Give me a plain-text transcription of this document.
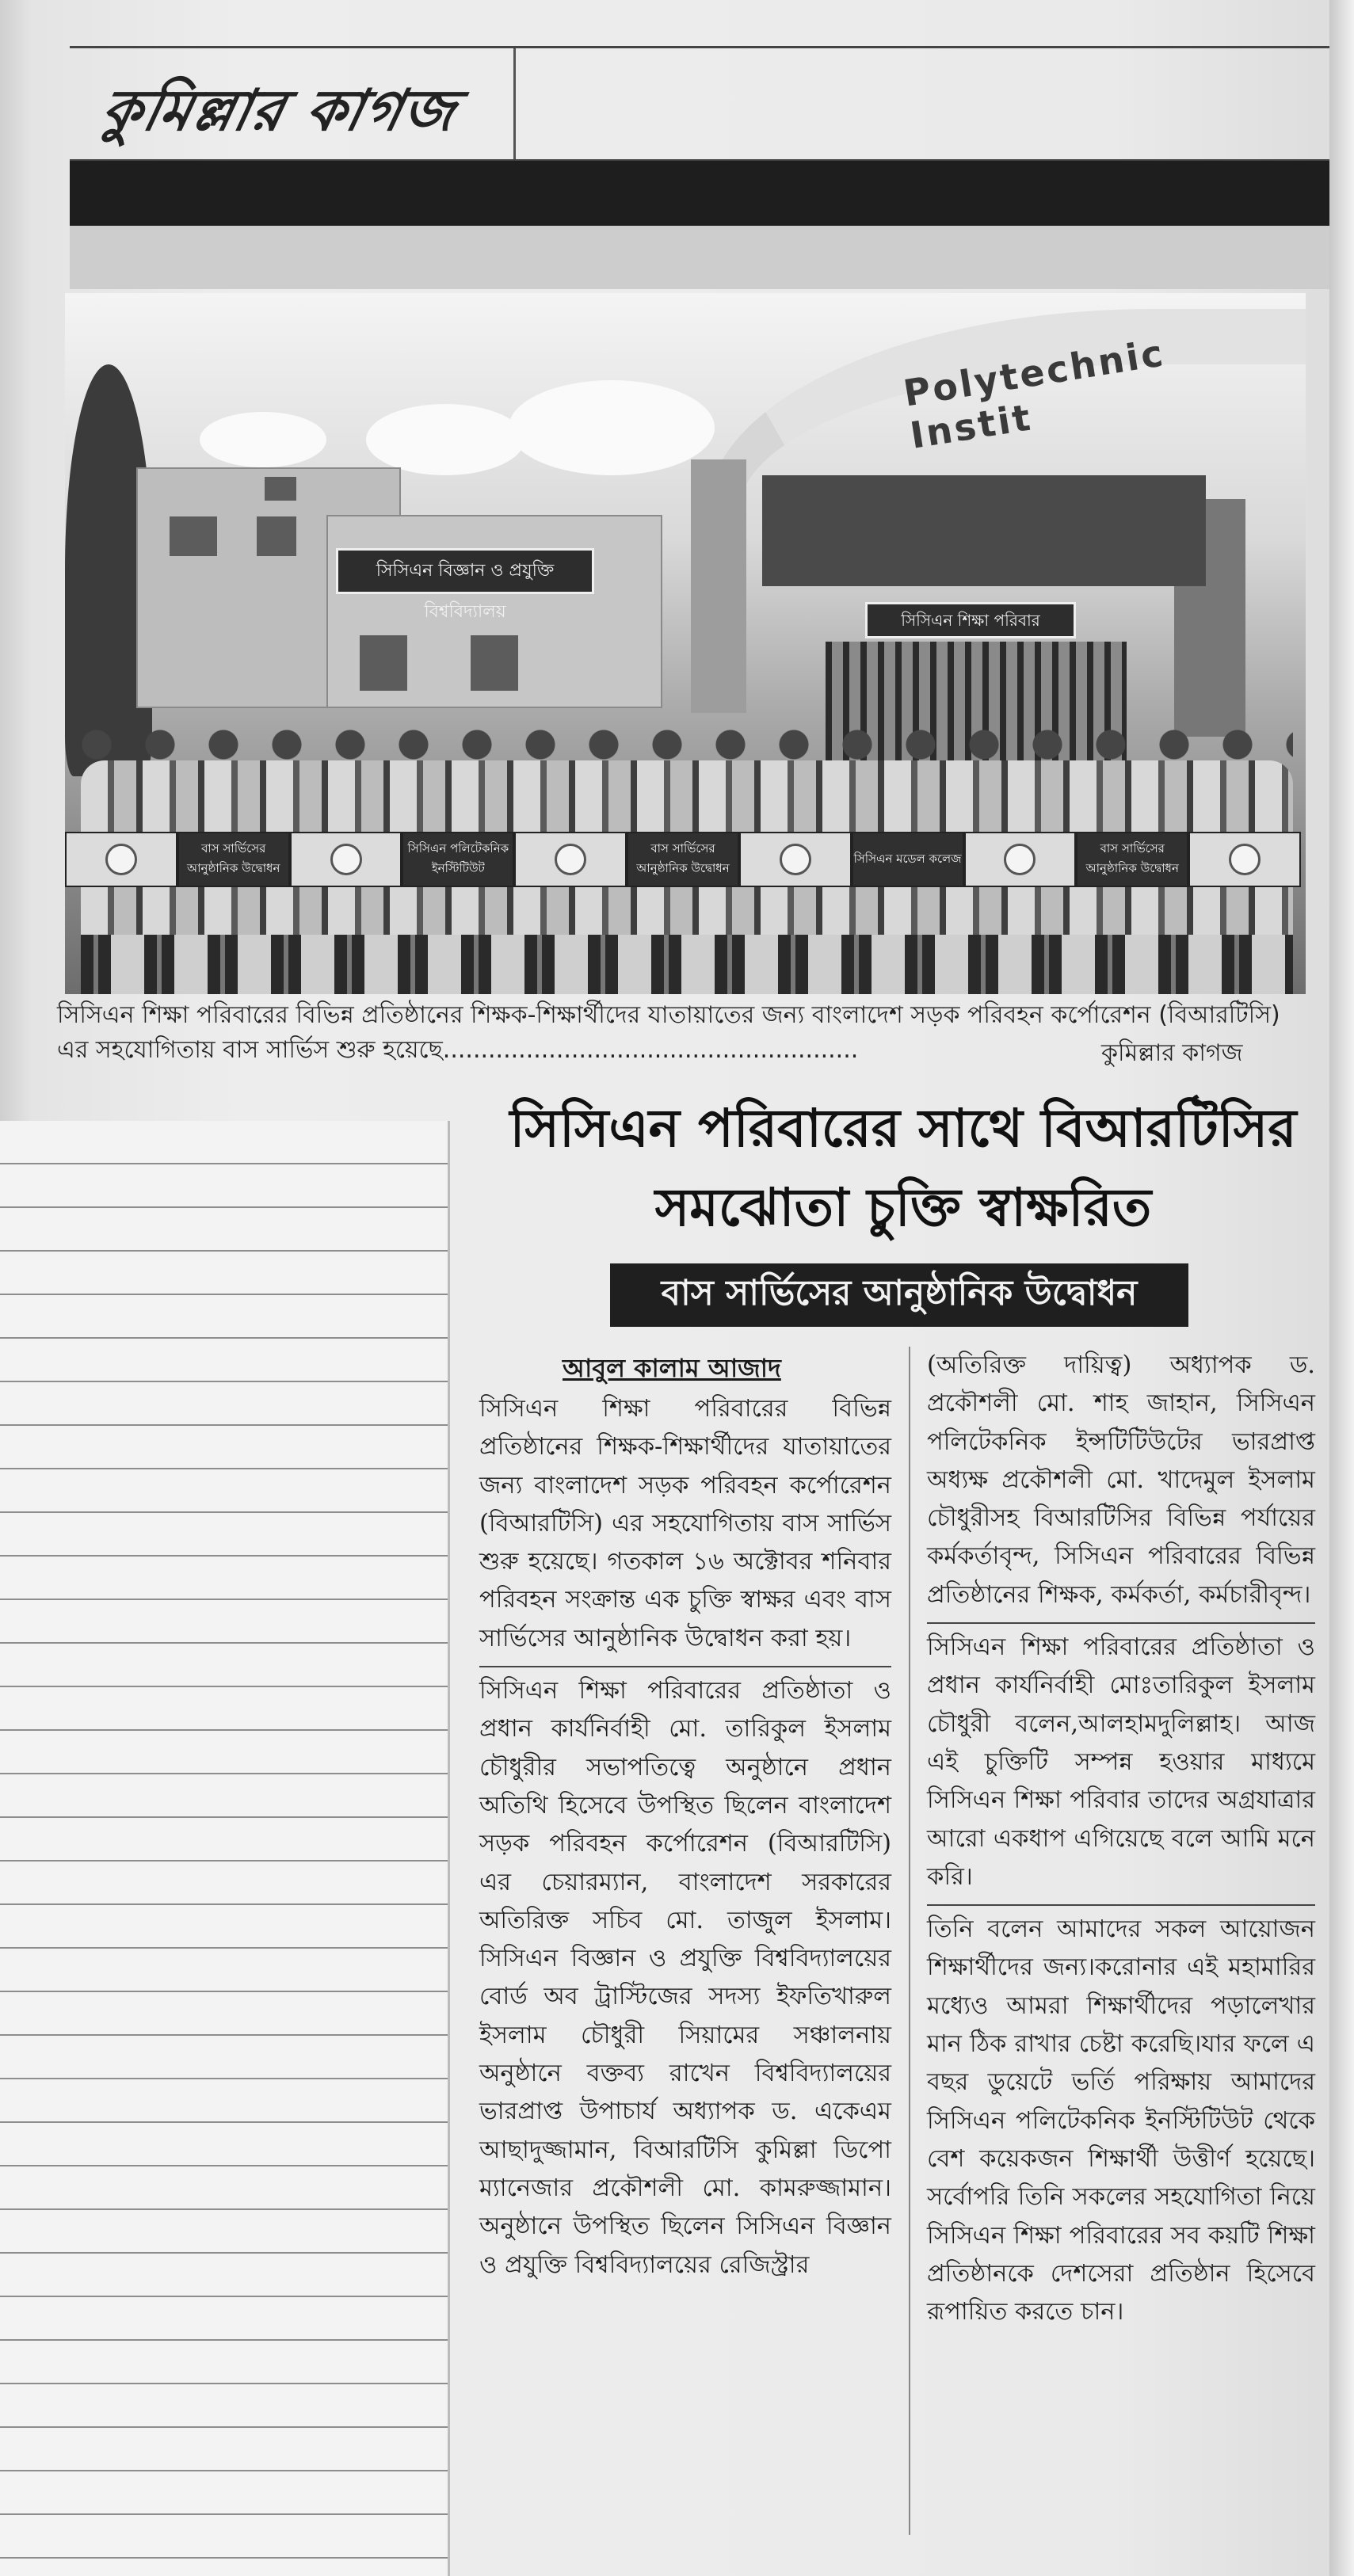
কুমিল্লার কাগজ
সিসিএন বিজ্ঞান ও প্রযুক্তি বিশ্ববিদ্যালয়
Polytechnic Instit
সিসিএন শিক্ষা পরিবার
বাস সার্ভিসের আনুষ্ঠানিক উদ্বোধন
সিসিএন পলিটেকনিক ইনস্টিটিউট
বাস সার্ভিসের আনুষ্ঠানিক উদ্বোধন
সিসিএন মডেল কলেজ
বাস সার্ভিসের আনুষ্ঠানিক উদ্বোধন
সিসিএন শিক্ষা পরিবারের বিভিন্ন প্রতিষ্ঠানের শিক্ষক-শিক্ষার্থীদের যাতায়াতের জন্য বাংলাদেশ সড়ক পরিবহন কর্পোরেশন (বিআরটিসি) এর সহযোগিতায় বাস সার্ভিস শুরু হয়েছে.......................................................	কুমিল্লার কাগজ
সিসিএন পরিবারের সাথে বিআরটিসির
সমঝোতা চুক্তি স্বাক্ষরিত
বাস সার্ভিসের আনুষ্ঠানিক উদ্বোধন
আবুল কালাম আজাদ

সিসিএন শিক্ষা পরিবারের বিভিন্ন প্রতিষ্ঠানের শিক্ষক-শিক্ষার্থীদের যাতায়াতের জন্য বাংলাদেশ সড়ক পরিবহন কর্পোরেশন (বিআরটিসি) এর সহযোগিতায় বাস সার্ভিস শুরু হয়েছে। গতকাল ১৬ অক্টোবর শনিবার পরিবহন সংক্রান্ত এক চুক্তি স্বাক্ষর এবং বাস সার্ভিসের আনুষ্ঠানিক উদ্বোধন করা হয়।

সিসিএন শিক্ষা পরিবারের প্রতিষ্ঠাতা ও প্রধান কার্যনির্বাহী মো. তারিকুল ইসলাম চৌধুরীর সভাপতিত্বে অনুষ্ঠানে প্রধান অতিথি হিসেবে উপস্থিত ছিলেন বাংলাদেশ সড়ক পরিবহন কর্পোরেশন (বিআরটিসি) এর চেয়ারম্যান, বাংলাদেশ সরকারের অতিরিক্ত সচিব মো. তাজুল ইসলাম। সিসিএন বিজ্ঞান ও প্রযুক্তি বিশ্ববিদ্যালয়ের বোর্ড অব ট্রাস্টিজের সদস্য ইফতিখারুল ইসলাম চৌধুরী সিয়ামের সঞ্চালনায় অনুষ্ঠানে বক্তব্য রাখেন বিশ্ববিদ্যালয়ের ভারপ্রাপ্ত উপাচার্য অধ্যাপক ড. একেএম আছাদুজ্জামান, বিআরটিসি কুমিল্লা ডিপো ম্যানেজার প্রকৌশলী মো. কামরুজ্জামান। অনুষ্ঠানে উপস্থিত ছিলেন সিসিএন বিজ্ঞান ও প্রযুক্তি বিশ্ববিদ্যালয়ের রেজিস্ট্রার

(অতিরিক্ত দায়িত্ব) অধ্যাপক ড. প্রকৌশলী মো. শাহ জাহান, সিসিএন পলিটেকনিক ইন্সটিটিউটের ভারপ্রাপ্ত অধ্যক্ষ প্রকৌশলী মো. খাদেমুল ইসলাম চৌধুরীসহ বিআরটিসির বিভিন্ন পর্যায়ের কর্মকর্তাবৃন্দ, সিসিএন পরিবারের বিভিন্ন প্রতিষ্ঠানের শিক্ষক, কর্মকর্তা, কর্মচারীবৃন্দ।

সিসিএন শিক্ষা পরিবারের প্রতিষ্ঠাতা ও প্রধান কার্যনির্বাহী মোঃতারিকুল ইসলাম চৌধুরী বলেন,আলহামদুলিল্লাহ। আজ এই চুক্তিটি সম্পন্ন হওয়ার মাধ্যমে সিসিএন শিক্ষা পরিবার তাদের অগ্রযাত্রার আরো একধাপ এগিয়েছে বলে আমি মনে করি।

তিনি বলেন আমাদের সকল আয়োজন শিক্ষার্থীদের জন্য।করোনার এই মহামারির মধ্যেও আমরা শিক্ষার্থীদের পড়ালেখার মান ঠিক রাখার চেষ্টা করেছি।যার ফলে এ বছর ডুয়েটে ভর্তি পরিক্ষায় আমাদের সিসিএন পলিটেকনিক ইনস্টিটিউট থেকে বেশ কয়েকজন শিক্ষার্থী উত্তীর্ণ হয়েছে। সর্বোপরি তিনি সকলের সহযোগিতা নিয়ে সিসিএন শিক্ষা পরিবারের সব কয়টি শিক্ষা প্রতিষ্ঠানকে দেশসেরা প্রতিষ্ঠান হিসেবে রূপায়িত করতে চান।
